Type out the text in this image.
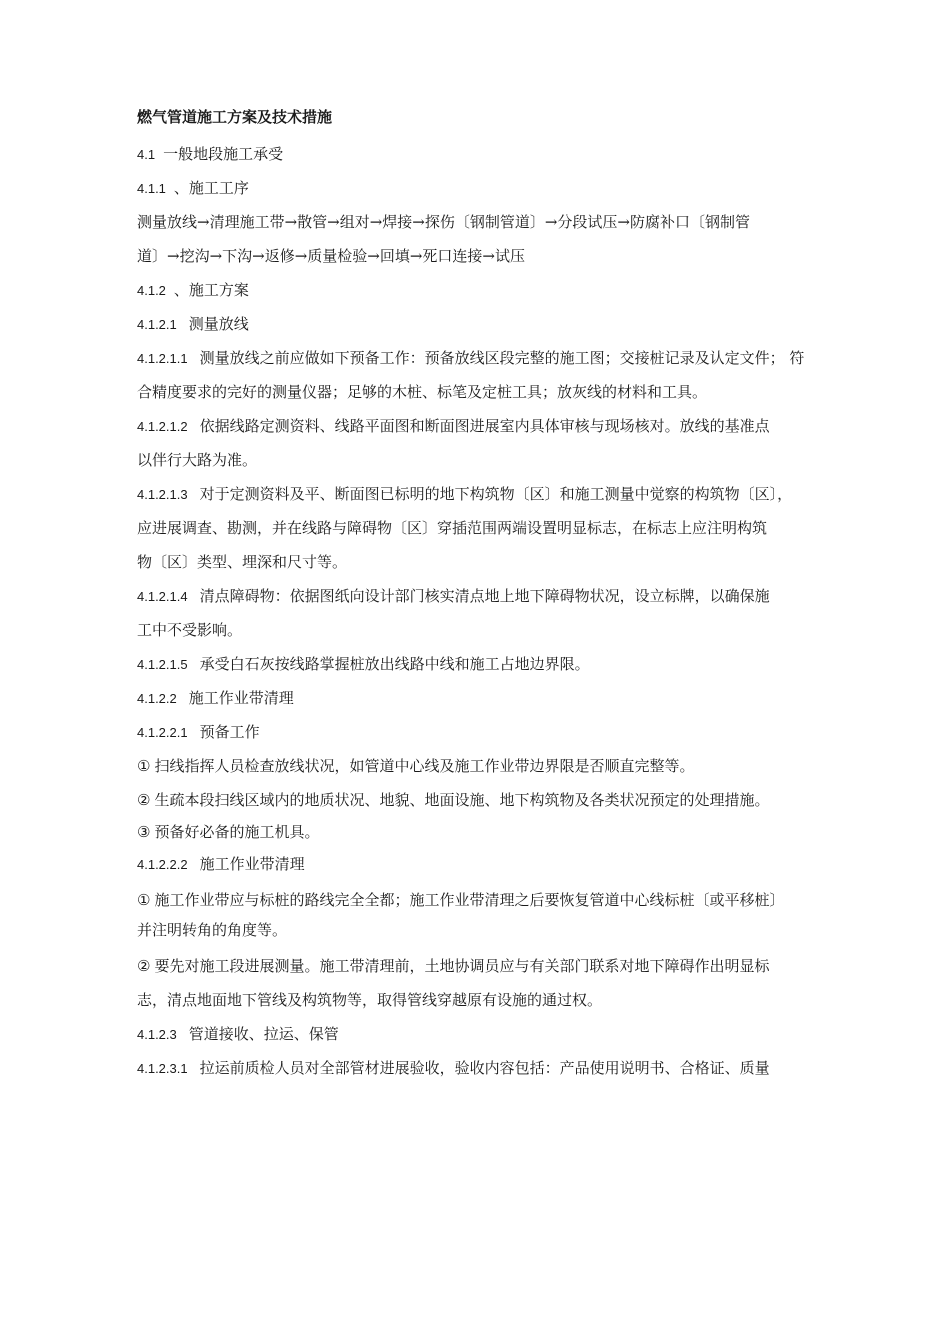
燃气管道施工方案及技术措施
4.1 一般地段施工承受
4.1.1 、施工工序
测量放线→清理施工带→散管→组对→焊接→探伤〔钢制管道〕→分段试压→防腐补口〔钢制管
道〕→挖沟→下沟→返修→质量检验→回填→死口连接→试压
4.1.2 、施工方案
4.1.2.1 测量放线
4.1.2.1.1 测量放线之前应做如下预备工作：预备放线区段完整的施工图；交接桩记录及认定文件； 符
合精度要求的完好的测量仪器；足够的木桩、标笔及定桩工具；放灰线的材料和工具。
4.1.2.1.2 依据线路定测资料、线路平面图和断面图进展室内具体审核与现场核对。放线的基准点
以伴行大路为准。
4.1.2.1.3 对于定测资料及平、断面图已标明的地下构筑物〔区〕和施工测量中觉察的构筑物〔区〕，
应进展调查、勘测，并在线路与障碍物〔区〕穿插范围两端设置明显标志，在标志上应注明构筑
物〔区〕类型、埋深和尺寸等。
4.1.2.1.4 清点障碍物：依据图纸向设计部门核实清点地上地下障碍物状况，设立标牌，以确保施
工中不受影响。
4.1.2.1.5 承受白石灰按线路掌握桩放出线路中线和施工占地边界限。
4.1.2.2 施工作业带清理
4.1.2.2.1 预备工作
① 扫线指挥人员检查放线状况，如管道中心线及施工作业带边界限是否顺直完整等。
② 生疏本段扫线区域内的地质状况、地貌、地面设施、地下构筑物及各类状况预定的处理措施。
③ 预备好必备的施工机具。
4.1.2.2.2 施工作业带清理
① 施工作业带应与标桩的路线完全全都；施工作业带清理之后要恢复管道中心线标桩〔或平移桩〕
并注明转角的角度等。
② 要先对施工段进展测量。施工带清理前，土地协调员应与有关部门联系对地下障碍作出明显标
志，清点地面地下管线及构筑物等，取得管线穿越原有设施的通过权。
4.1.2.3 管道接收、拉运、保管
4.1.2.3.1 拉运前质检人员对全部管材进展验收，验收内容包括：产品使用说明书、合格证、质量
